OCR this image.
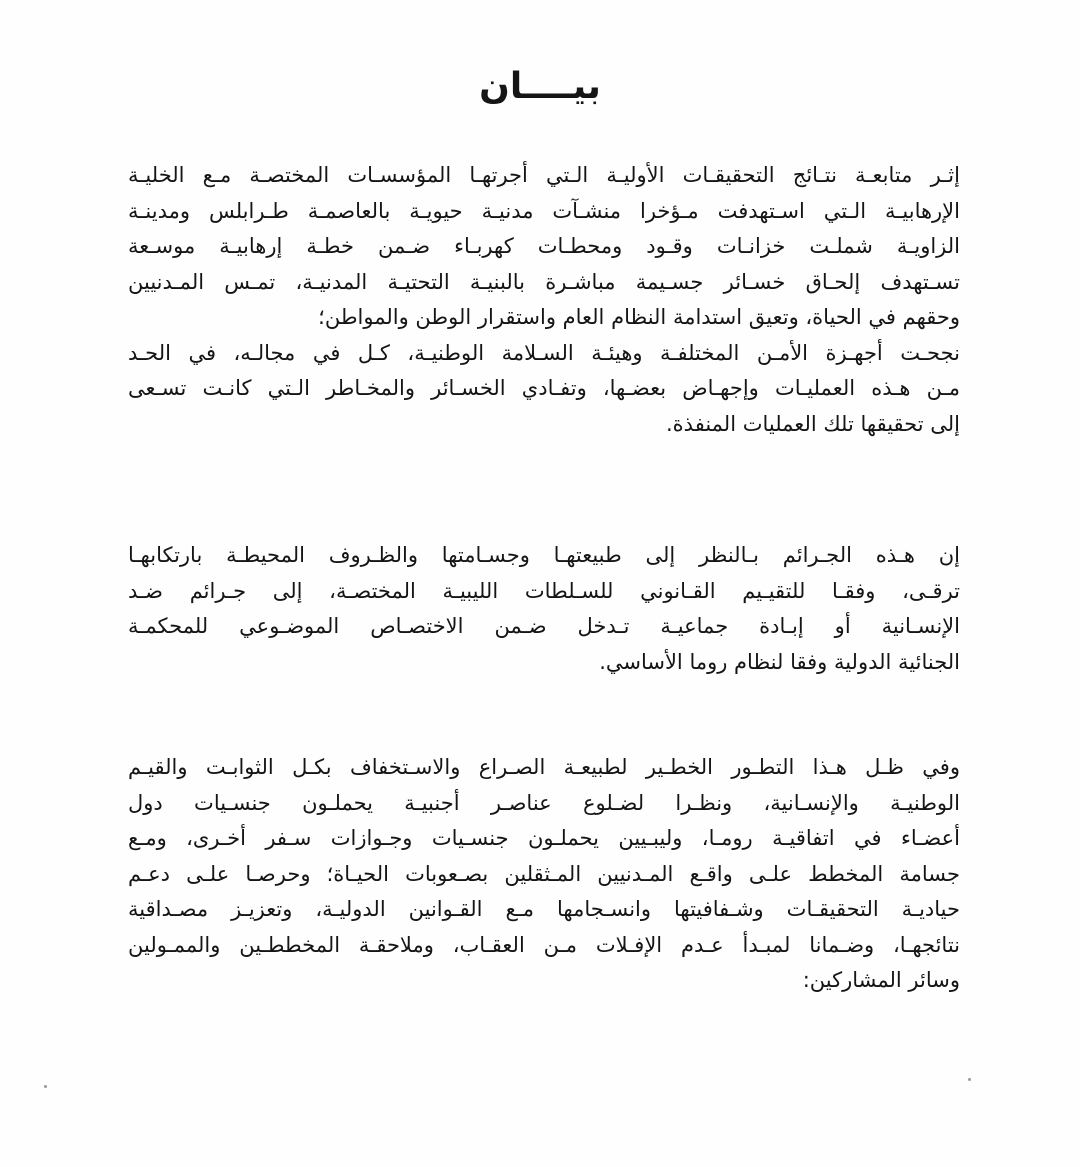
بيــــان
إثـر متابعـة نتـائج التحقيقـات الأوليـة الـتي أجرتهـا المؤسسـات المختصـة مـع الخليـة
الإرهابيـة الـتي اسـتهدفت مـؤخرا منشـآت مدنيـة حيويـة بالعاصمـة طـرابلس ومدينـة
الزاويـة شملـت خزانـات وقـود ومحطـات كهربـاء ضـمن خطـة إرهابيـة موسـعة
تسـتهدف إلحـاق خسـائر جسـيمة مباشـرة بالبنيـة التحتيـة المدنيـة، تمـس المـدنيين
وحقهم في الحياة، وتعيق استدامة النظام العام واستقرار الوطن والمواطن؛
نجحـت أجهـزة الأمـن المختلفـة وهيئـة السـلامة الوطنيـة، كـل في مجالـه، في الحـد
مـن هـذه العمليـات وإجهـاض بعضـها، وتفـادي الخسـائر والمخـاطر الـتي كانـت تسـعى
إلى تحقيقها تلك العمليات المنفذة.
إن هـذه الجـرائم بـالنظر إلى طبيعتهـا وجسـامتها والظـروف المحيطـة بارتكابهـا
ترقـى، وفقـا للتقيـيم القـانوني للسـلطات الليبيـة المختصـة، إلى جـرائم ضـد
الإنسـانية أو إبـادة جماعيـة تـدخل ضـمن الاختصـاص الموضـوعي للمحكمـة
الجنائية الدولية وفقا لنظام روما الأساسي.
وفي ظـل هـذا التطـور الخطـير لطبيعـة الصـراع والاسـتخفاف بكـل الثوابـت والقيـم
الوطنيـة والإنسـانية، ونظـرا لضـلوع عناصـر أجنبيـة يحملـون جنسـيات دول
أعضـاء في اتفاقيـة رومـا، وليبـيين يحملـون جنسـيات وجـوازات سـفر أخـرى، ومـع
جسامة المخطط علـى واقـع المـدنيين المـثقلين بصـعوبات الحيـاة؛ وحرصـا علـى دعـم
حياديـة التحقيقـات وشـفافيتها وانسـجامها مـع القـوانين الدوليـة، وتعزيـز مصـداقية
نتائجهـا، وضـمانا لمبـدأ عـدم الإفـلات مـن العقـاب، وملاحقـة المخططـين والممـولين
وسائر المشاركين:
